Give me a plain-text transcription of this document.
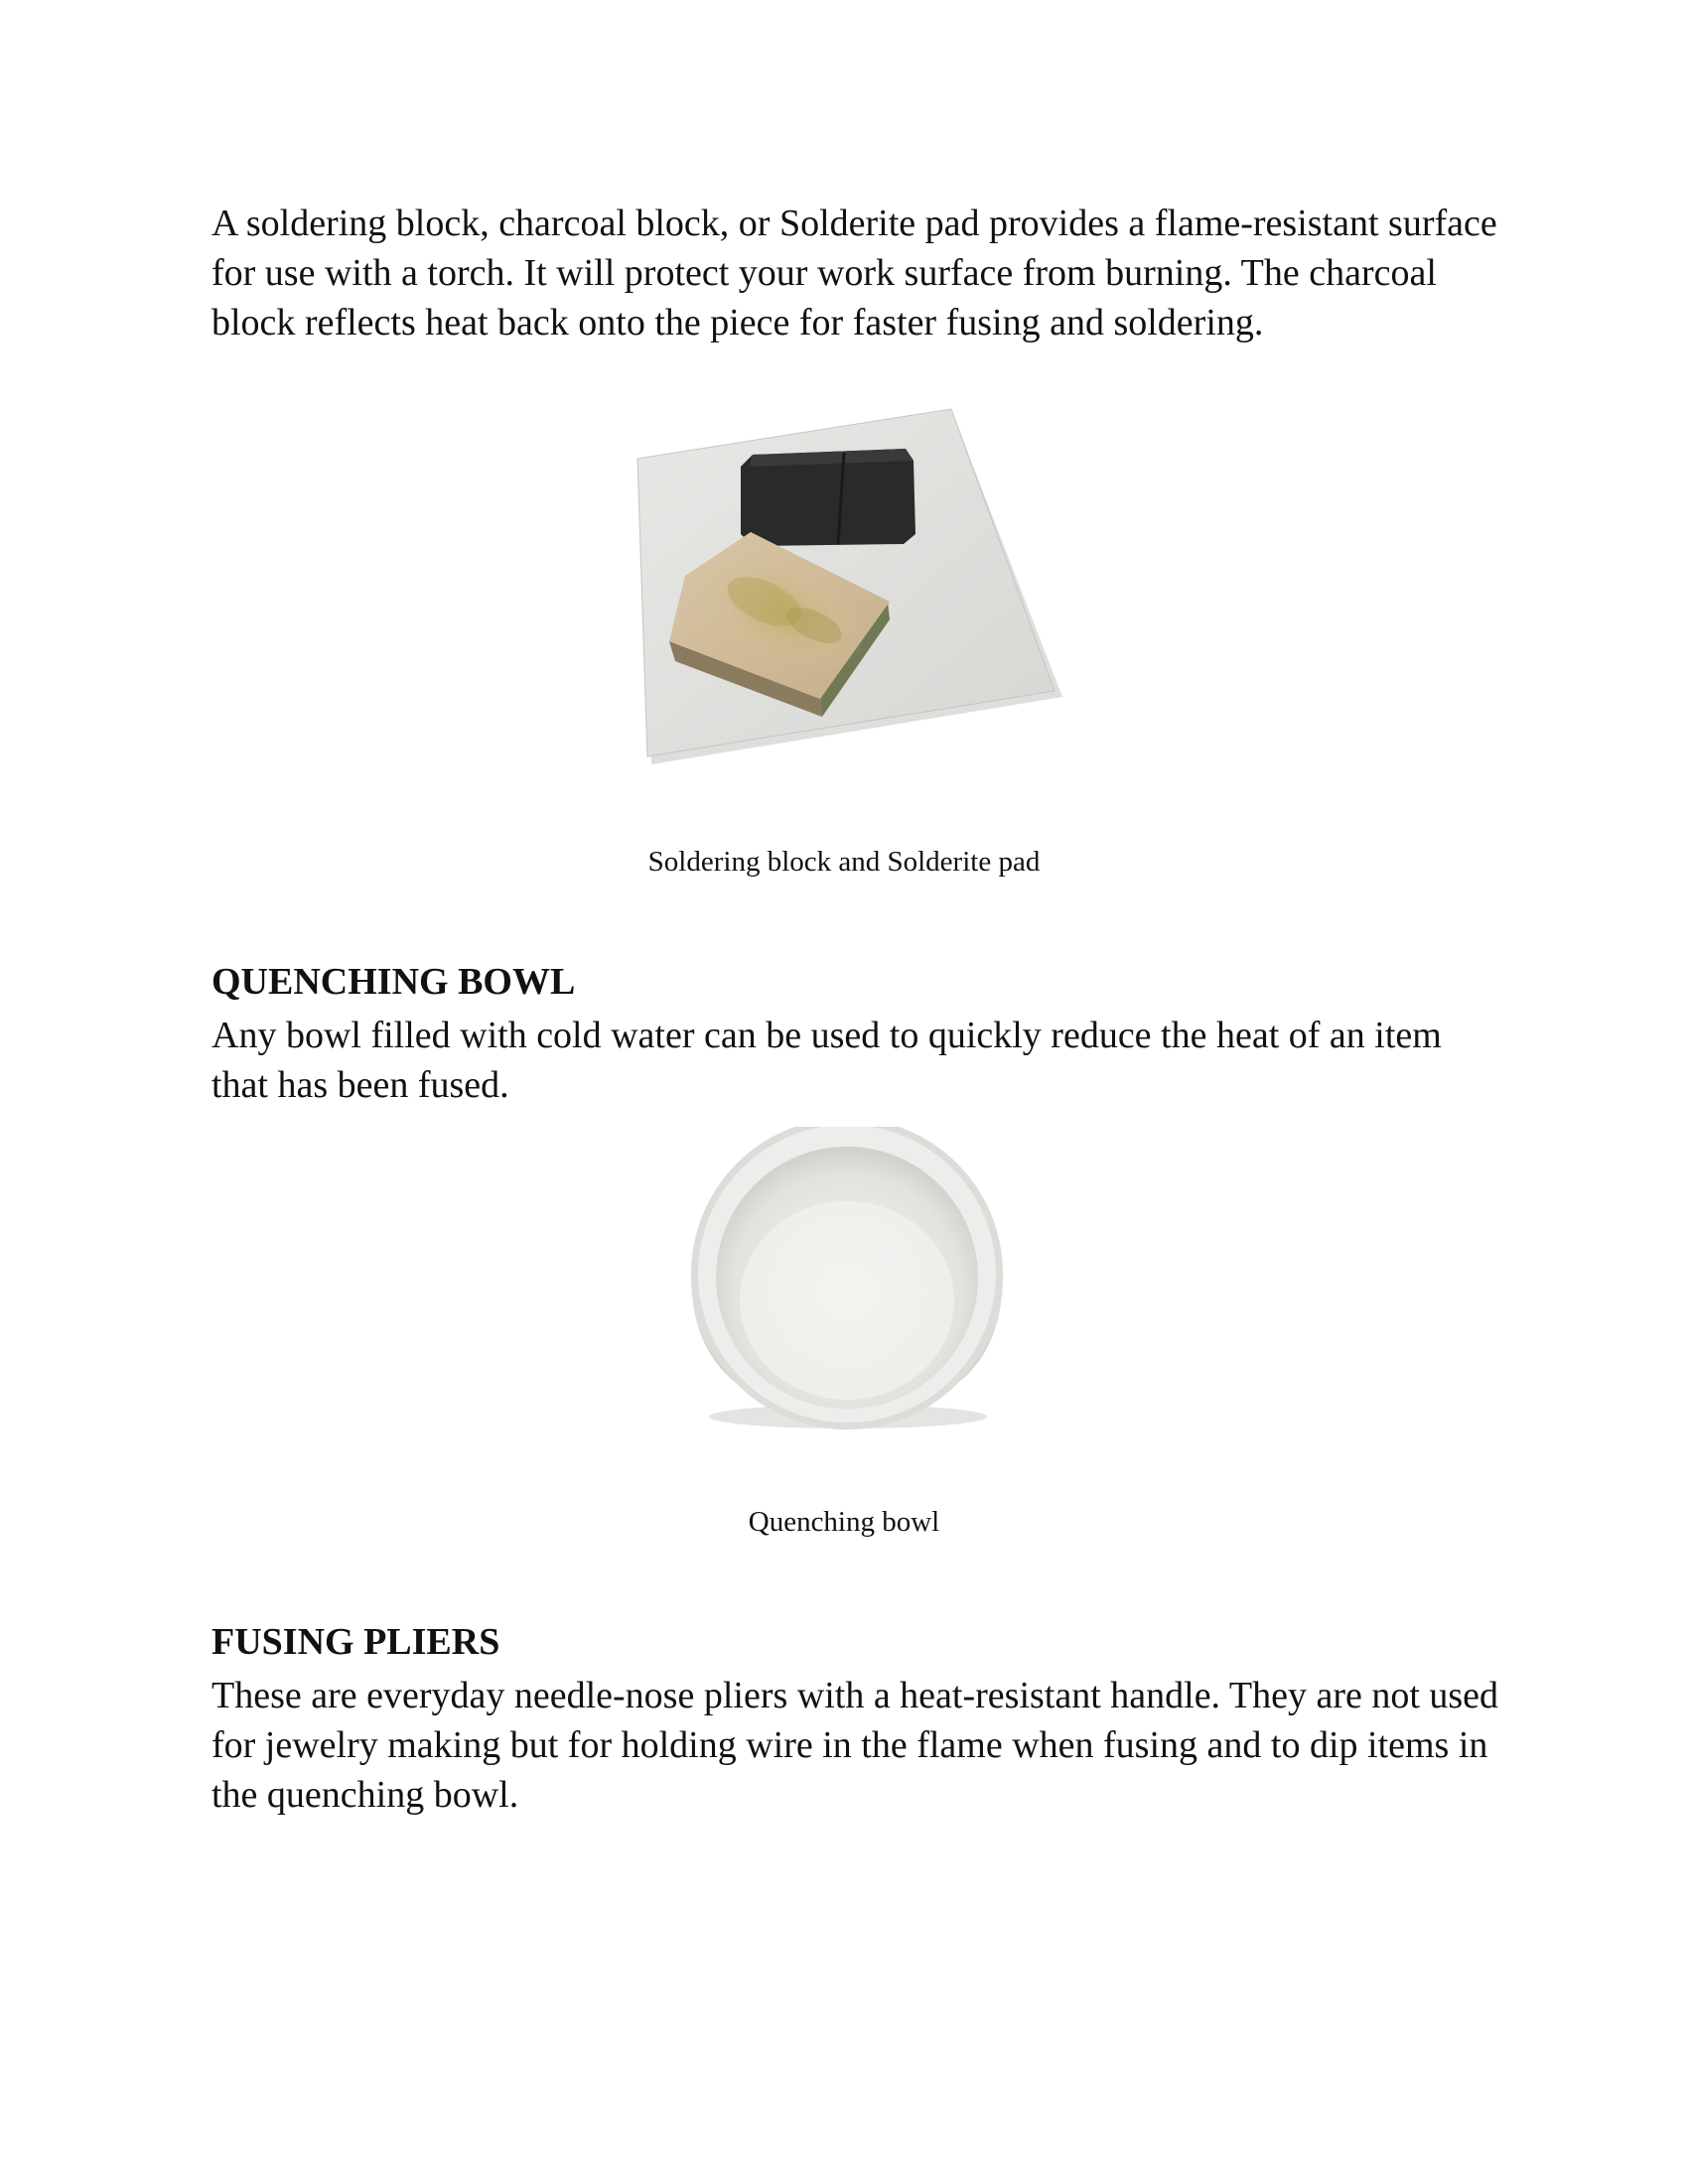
A soldering block, charcoal block, or Solderite pad provides a flame-resistant surface for use with a torch. It will protect your work surface from burning. The charcoal block reflects heat back onto the piece for faster fusing and soldering.

Soldering block and Solderite pad

QUENCHING BOWL

Any bowl filled with cold water can be used to quickly reduce the heat of an item that has been fused.

Quenching bowl

FUSING PLIERS

These are everyday needle-nose pliers with a heat-resistant handle. They are not used for jewelry making but for holding wire in the flame when fusing and to dip items in the quenching bowl.
